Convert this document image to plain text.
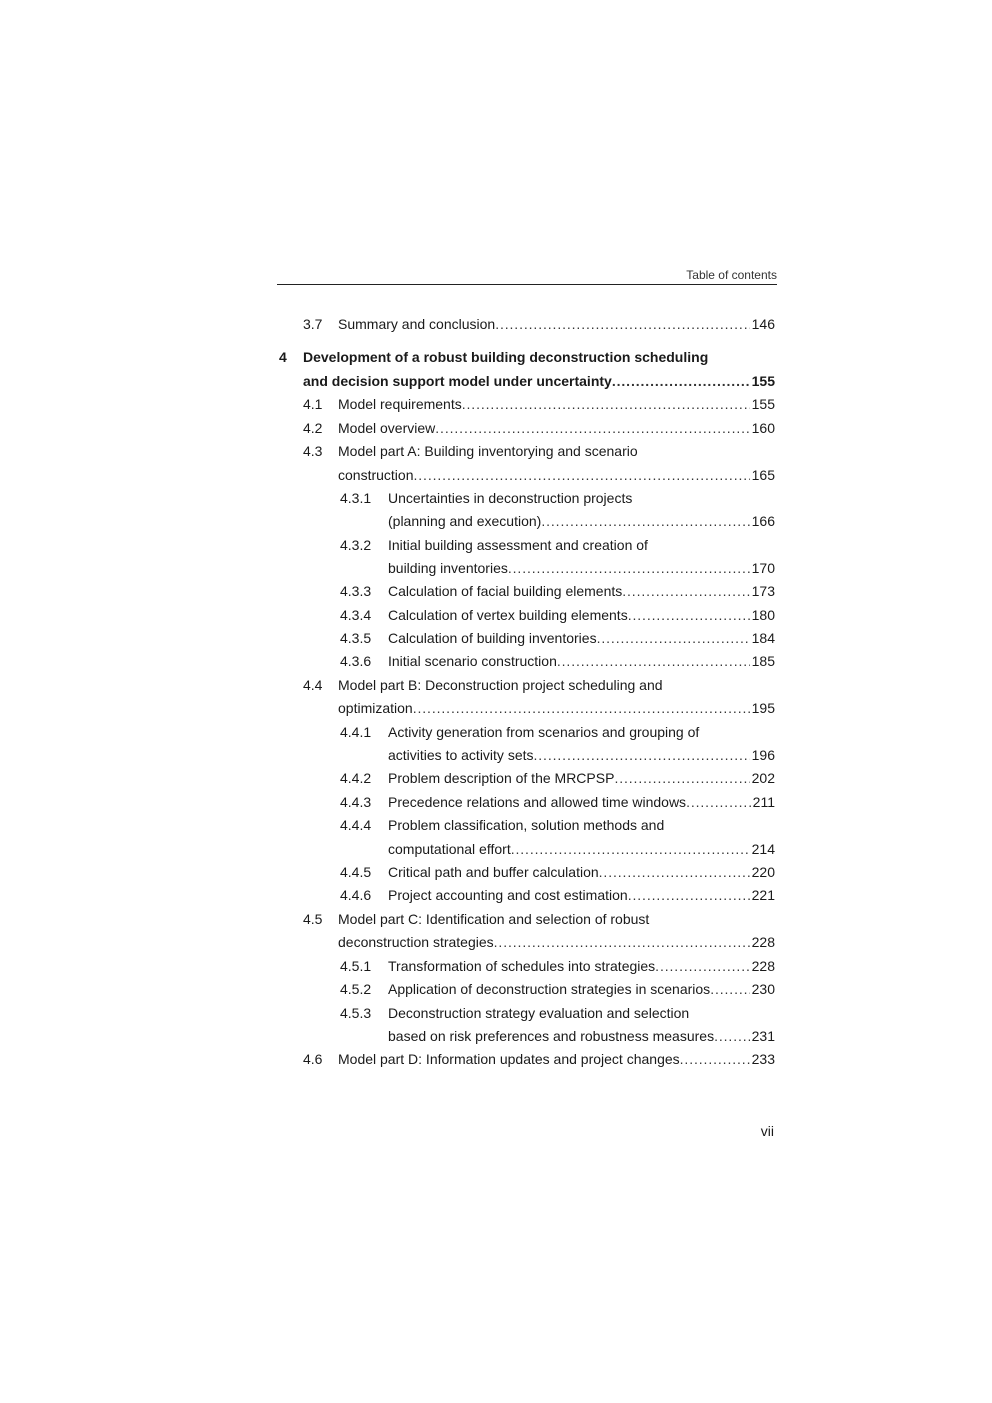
Table of contents
3.7 Summary and conclusion . . .	146
4 Development of a robust building deconstruction scheduling
and decision support model under uncertainty . . .	155
4.1 Model requirements . . .	155
4.2 Model overview . . .	160
4.3 Model part A: Building inventorying and scenario
construction . . .	165
4.3.1 Uncertainties in deconstruction projects
(planning and execution) . . .	166
4.3.2 Initial building assessment and creation of
building inventories . . .	170
4.3.3 Calculation of facial building elements . . .	173
4.3.4 Calculation of vertex building elements . . .	180
4.3.5 Calculation of building inventories . . .	184
4.3.6 Initial scenario construction . . .	185
4.4 Model part B: Deconstruction project scheduling and
optimization . . .	195
4.4.1 Activity generation from scenarios and grouping of
activities to activity sets . . .	196
4.4.2 Problem description of the MRCPSP . . .	202
4.4.3 Precedence relations and allowed time windows . . .	211
4.4.4 Problem classification, solution methods and
computational effort . . .	214
4.4.5 Critical path and buffer calculation . . .	220
4.4.6 Project accounting and cost estimation . . .	221
4.5 Model part C: Identification and selection of robust
deconstruction strategies . . .	228
4.5.1 Transformation of schedules into strategies . . .	228
4.5.2 Application of deconstruction strategies in scenarios . . .	230
4.5.3 Deconstruction strategy evaluation and selection
based on risk preferences and robustness measures . . .	231
4.6 Model part D: Information updates and project changes . . .	233
vii
